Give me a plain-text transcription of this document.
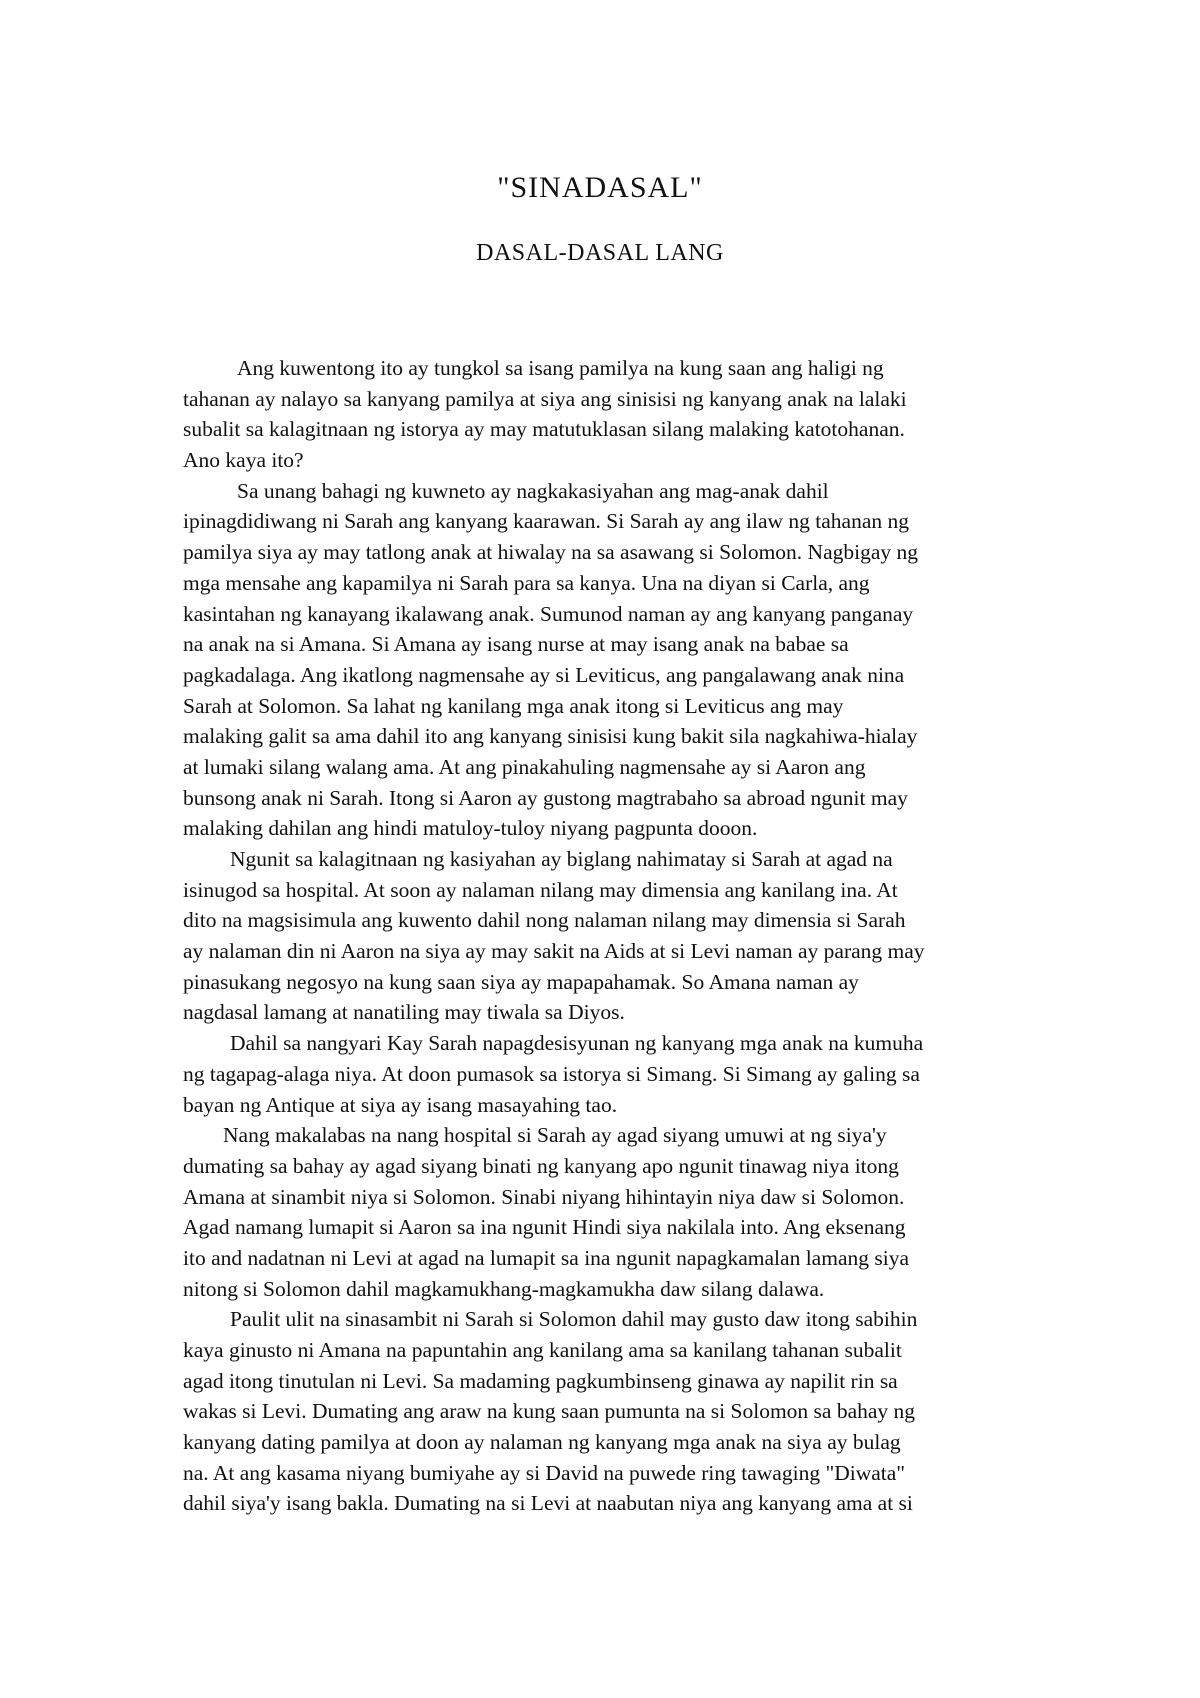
"SINADASAL"
DASAL-DASAL LANG
Ang kuwentong ito ay tungkol sa isang pamilya na kung saan ang haligi ng
tahanan ay nalayo sa kanyang pamilya at siya ang sinisisi ng kanyang anak na lalaki
subalit sa kalagitnaan ng istorya ay may matutuklasan silang malaking katotohanan.
Ano kaya ito?
Sa unang bahagi ng kuwneto ay nagkakasiyahan ang mag-anak dahil
ipinagdidiwang ni Sarah ang kanyang kaarawan. Si Sarah ay ang ilaw ng tahanan ng
pamilya siya ay may tatlong anak at hiwalay na sa asawang si Solomon. Nagbigay ng
mga mensahe ang kapamilya ni Sarah para sa kanya. Una na diyan si Carla, ang
kasintahan ng kanayang ikalawang anak. Sumunod naman ay ang kanyang panganay
na anak na si Amana. Si Amana ay isang nurse at may isang anak na babae sa
pagkadalaga. Ang ikatlong nagmensahe ay si Leviticus, ang pangalawang anak nina
Sarah at Solomon. Sa lahat ng kanilang mga anak itong si Leviticus ang may
malaking galit sa ama dahil ito ang kanyang sinisisi kung bakit sila nagkahiwa-hialay
at lumaki silang walang ama. At ang pinakahuling nagmensahe ay si Aaron ang
bunsong anak ni Sarah. Itong si Aaron ay gustong magtrabaho sa abroad ngunit may
malaking dahilan ang hindi matuloy-tuloy niyang pagpunta dooon.
Ngunit sa kalagitnaan ng kasiyahan ay biglang nahimatay si Sarah at agad na
isinugod sa hospital. At soon ay nalaman nilang may dimensia ang kanilang ina. At
dito na magsisimula ang kuwento dahil nong nalaman nilang may dimensia si Sarah
ay nalaman din ni Aaron na siya ay may sakit na Aids at si Levi naman ay parang may
pinasukang negosyo na kung saan siya ay mapapahamak. So Amana naman ay
nagdasal lamang at nanatiling may tiwala sa Diyos.
Dahil sa nangyari Kay Sarah napagdesisyunan ng kanyang mga anak na kumuha
ng tagapag-alaga niya. At doon pumasok sa istorya si Simang. Si Simang ay galing sa
bayan ng Antique at siya ay isang masayahing tao.
Nang makalabas na nang hospital si Sarah ay agad siyang umuwi at ng siya'y
dumating sa bahay ay agad siyang binati ng kanyang apo ngunit tinawag niya itong
Amana at sinambit niya si Solomon. Sinabi niyang hihintayin niya daw si Solomon.
Agad namang lumapit si Aaron sa ina ngunit Hindi siya nakilala into. Ang eksenang
ito and nadatnan ni Levi at agad na lumapit sa ina ngunit napagkamalan lamang siya
nitong si Solomon dahil magkamukhang-magkamukha daw silang dalawa.
Paulit ulit na sinasambit ni Sarah si Solomon dahil may gusto daw itong sabihin
kaya ginusto ni Amana na papuntahin ang kanilang ama sa kanilang tahanan subalit
agad itong tinutulan ni Levi. Sa madaming pagkumbinseng ginawa ay napilit rin sa
wakas si Levi. Dumating ang araw na kung saan pumunta na si Solomon sa bahay ng
kanyang dating pamilya at doon ay nalaman ng kanyang mga anak na siya ay bulag
na. At ang kasama niyang bumiyahe ay si David na puwede ring tawaging "Diwata"
dahil siya'y isang bakla. Dumating na si Levi at naabutan niya ang kanyang ama at si
